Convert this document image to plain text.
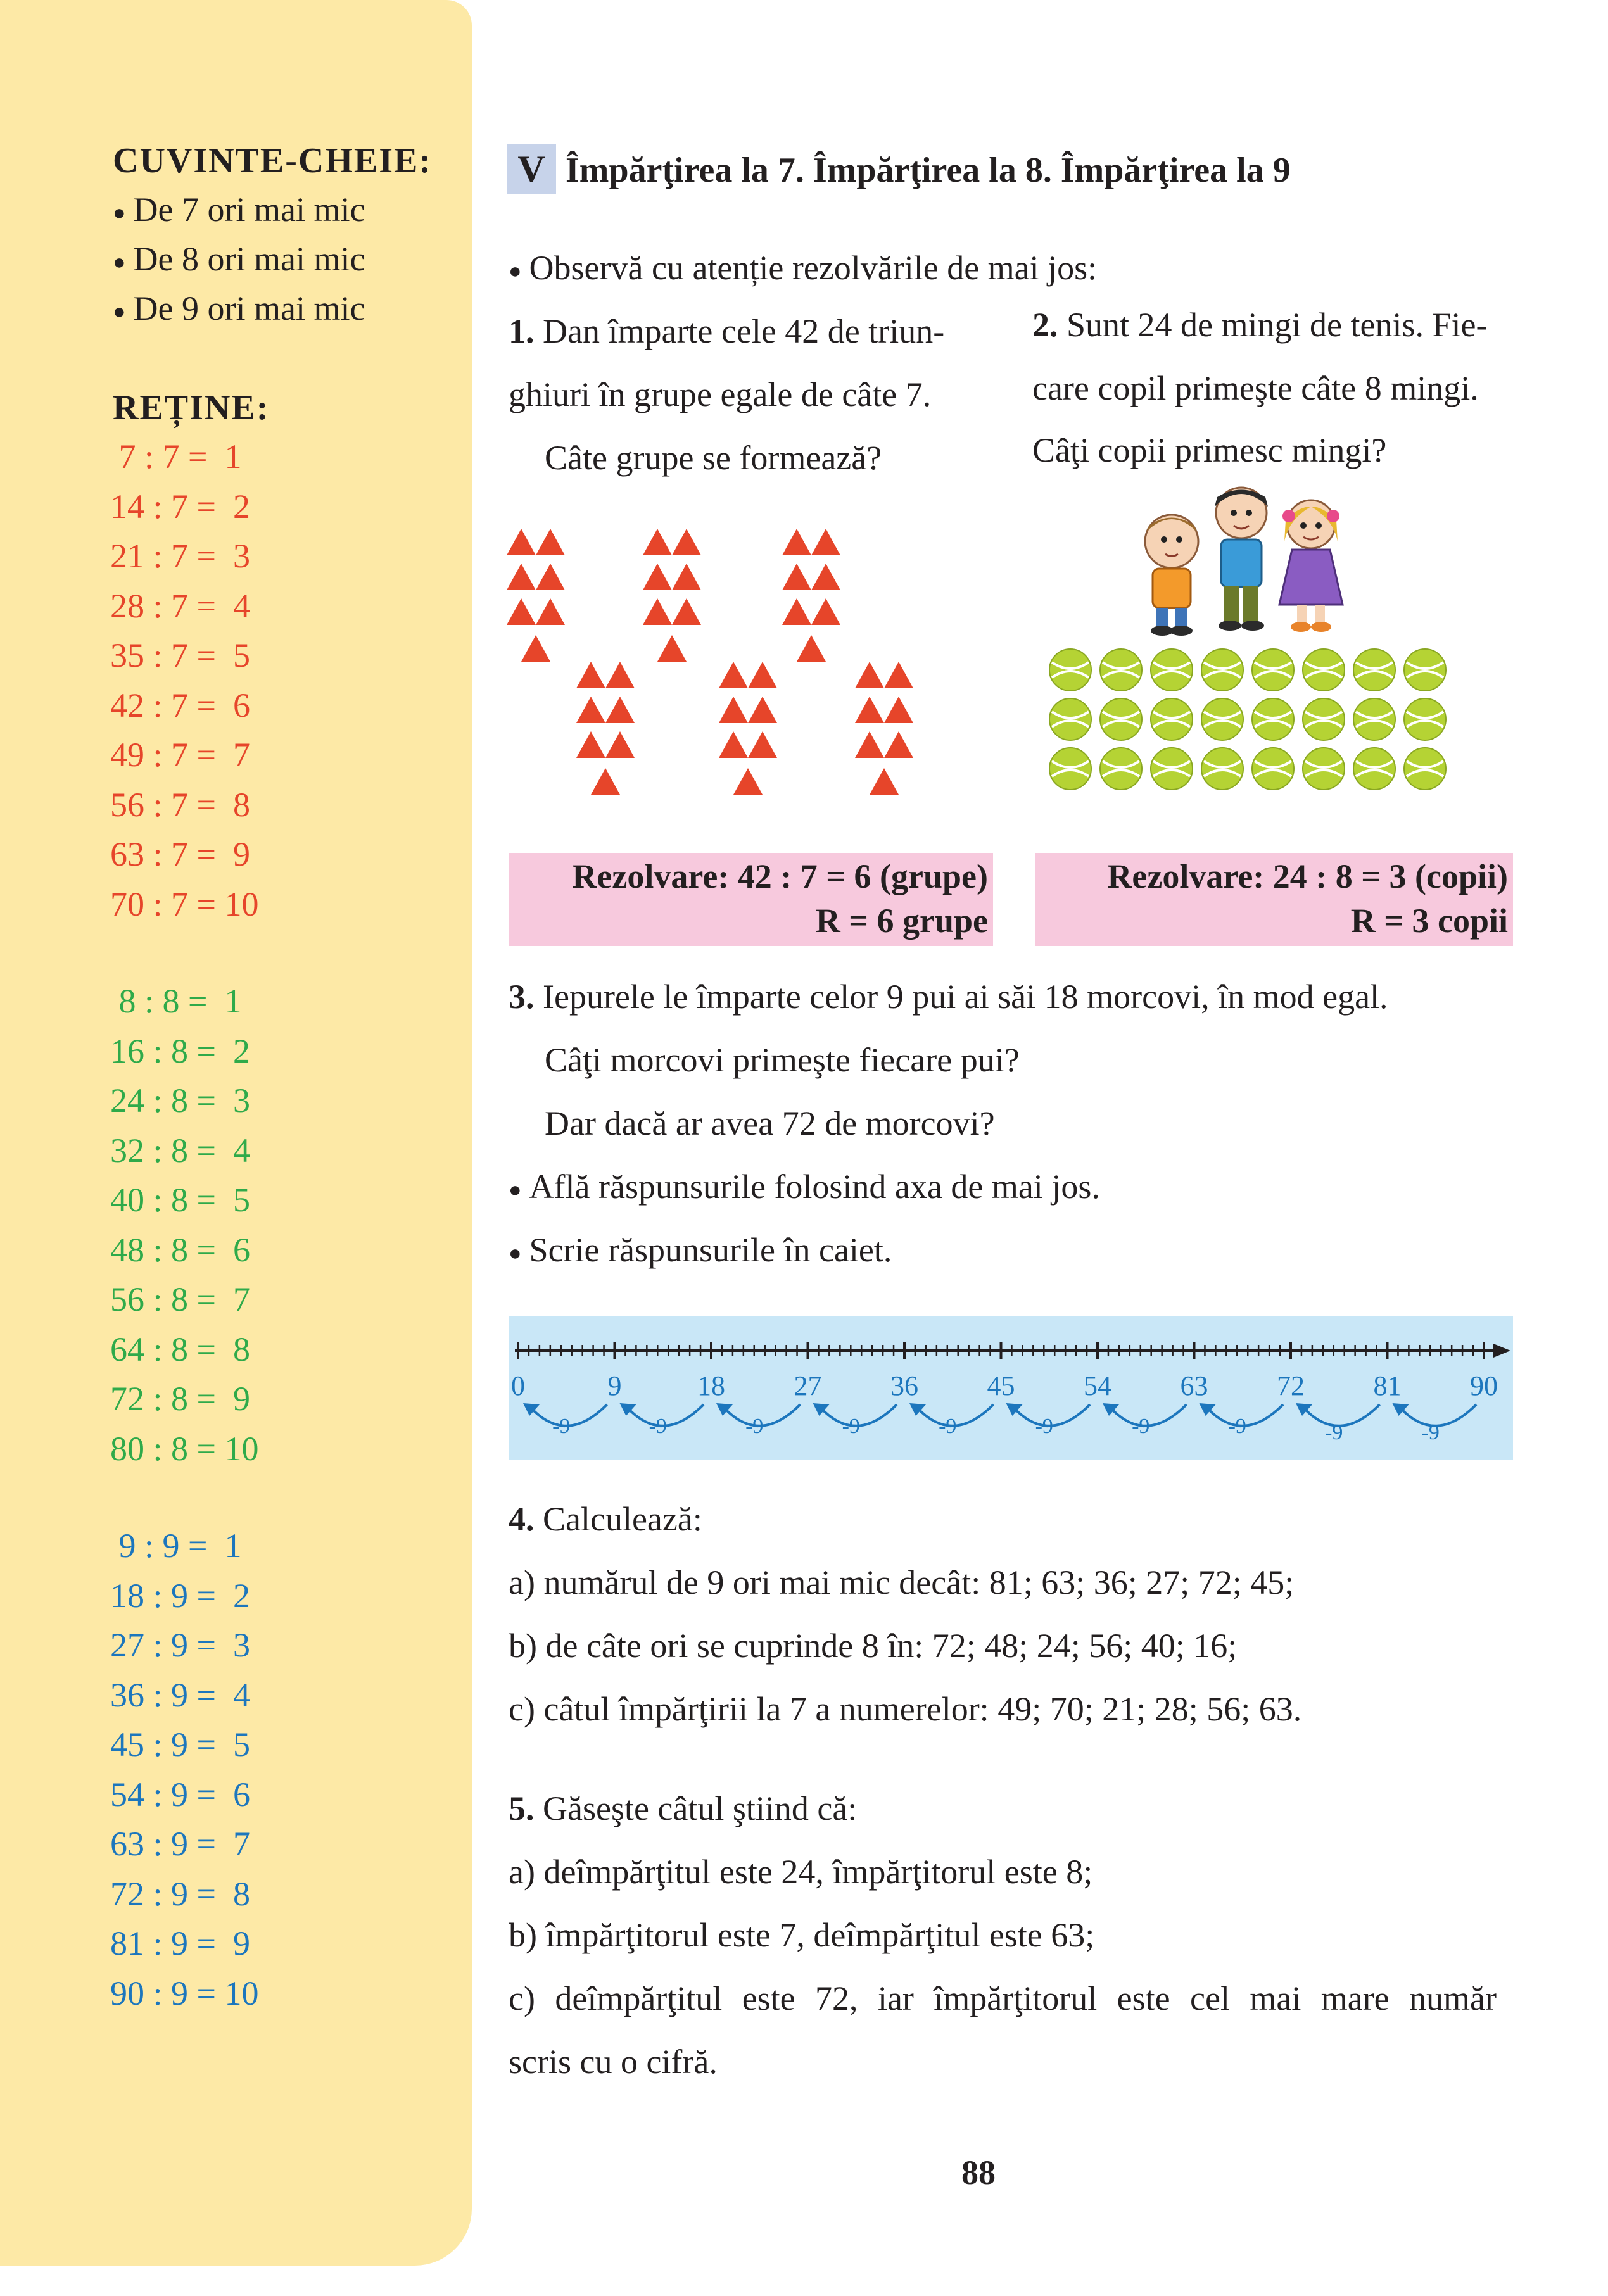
CUVINTE-CHEIE:
● De 7 ori mai mic
● De 8 ori mai mic
● De 9 ori mai mic
REȚINE:
7 : 7 =  1
14 : 7 =  2
21 : 7 =  3
28 : 7 =  4
35 : 7 =  5
42 : 7 =  6
49 : 7 =  7
56 : 7 =  8
63 : 7 =  9
70 : 7 = 10
8 : 8 =  1
16 : 8 =  2
24 : 8 =  3
32 : 8 =  4
40 : 8 =  5
48 : 8 =  6
56 : 8 =  7
64 : 8 =  8
72 : 8 =  9
80 : 8 = 10
9 : 9 =  1
18 : 9 =  2
27 : 9 =  3
36 : 9 =  4
45 : 9 =  5
54 : 9 =  6
63 : 9 =  7
72 : 9 =  8
81 : 9 =  9
90 : 9 = 10
V Împărţirea la 7. Împărţirea la 8. Împărţirea la 9
● Observă cu atenție rezolvările de mai jos:
1. Dan împarte cele 42 de triun-
ghiuri în grupe egale de câte 7.
Câte grupe se formează?
2. Sunt 24 de mingi de tenis. Fie-
care copil primeşte câte 8 mingi.
Câţi copii primesc mingi?
Rezolvare: 42 : 7 = 6 (grupe)
R = 6 grupe
Rezolvare: 24 : 8 = 3 (copii)
R = 3 copii
3. Iepurele le împarte celor 9 pui ai săi 18 morcovi, în mod egal.
Câţi morcovi primeşte fiecare pui?
Dar dacă ar avea 72 de morcovi?
● Află răspunsurile folosind axa de mai jos.
● Scrie răspunsurile în caiet.
0	9	18 27 36 45 54 63 72 81 90
-9
-9
-9
-9
-9
-9
-9
-9
-9
-9
4. Calculează:
a) numărul de 9 ori mai mic decât: 81; 63; 36; 27; 72; 45;
b) de câte ori se cuprinde 8 în: 72; 48; 24; 56; 40; 16;
c) câtul împărţirii la 7 a numerelor: 49; 70; 21; 28; 56; 63.
5. Găseşte câtul ştiind că:
a) deîmpărţitul este 24, împărţitorul este 8;
b) împărţitorul este 7, deîmpărţitul este 63;
c) deîmpărţitul este 72, iar împărţitorul este cel mai mare număr
scris cu o cifră.
88
